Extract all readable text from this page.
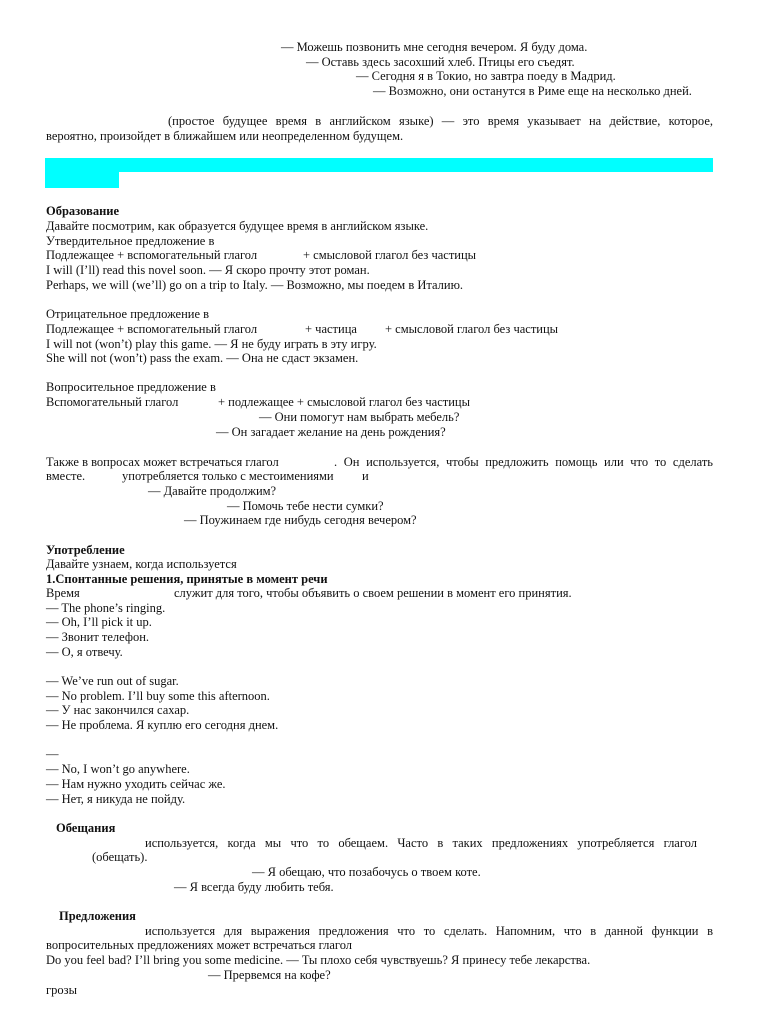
— Можешь позвонить мне сегодня вечером. Я буду дома.
— Оставь здесь засохший хлеб. Птицы его съедят.
— Сегодня я в Токио, но завтра поеду в Мадрид.
— Возможно, они останутся в Риме еще на несколько дней.
(простое будущее время в английском языке) — это время указывает на действие, которое,
вероятно, произойдет в ближайшем или неопределенном будущем.
Образование
Давайте посмотрим, как образуется будущее время в английском языке.
Утвердительное предложение в
Подлежащее + вспомогательный глагол	+ смысловой глагол без частицы
I will (I’ll) read this novel soon. — Я скоро прочту этот роман.
Perhaps, we will (we’ll) go on a trip to Italy. — Возможно, мы поедем в Италию.
Отрицательное предложение в
Подлежащее + вспомогательный глагол	+ частица + смысловой глагол без частицы
I will not (won’t) play this game. — Я не буду играть в эту игру.
She will not (won’t) pass the exam. — Она не сдаст экзамен.
Вопросительное предложение в
Вспомогательный глагол	+ подлежащее + смысловой глагол без частицы
— Они помогут нам выбрать мебель?
— Он загадает желание на день рождения?
Также в вопросах может встречаться глагол	. Он используется, чтобы предложить помощь или что то сделать
вместе.	употребляется только с местоимениями и
— Давайте продолжим?
— Помочь тебе нести сумки?
— Поужинаем где нибудь сегодня вечером?
Употребление
Давайте узнаем, когда используется
1.Спонтанные решения, принятые в момент речи
Время	служит для того, чтобы объявить о своем решении в момент его принятия.
— The phone’s ringing.
— Oh, I’ll pick it up.
— Звонит телефон.
— О, я отвечу.
— We’ve run out of sugar.
— No problem. I’ll buy some this afternoon.
— У нас закончился сахар.
— Не проблема. Я куплю его сегодня днем.
—
— No, I won’t go anywhere.
— Нам нужно уходить сейчас же.
— Нет, я никуда не пойду.
Обещания
используется, когда мы что то обещаем. Часто в таких предложениях употребляется глагол
(обещать).
— Я обещаю, что позабочусь о твоем коте.
— Я всегда буду любить тебя.
Предложения
используется для выражения предложения что то сделать. Напомним, что в данной функции в
вопросительных предложениях может встречаться глагол
Do you feel bad? I’ll bring you some medicine. — Ты плохо себя чувствуешь? Я принесу тебе лекарства.
— Прервемся на кофе?
грозы
